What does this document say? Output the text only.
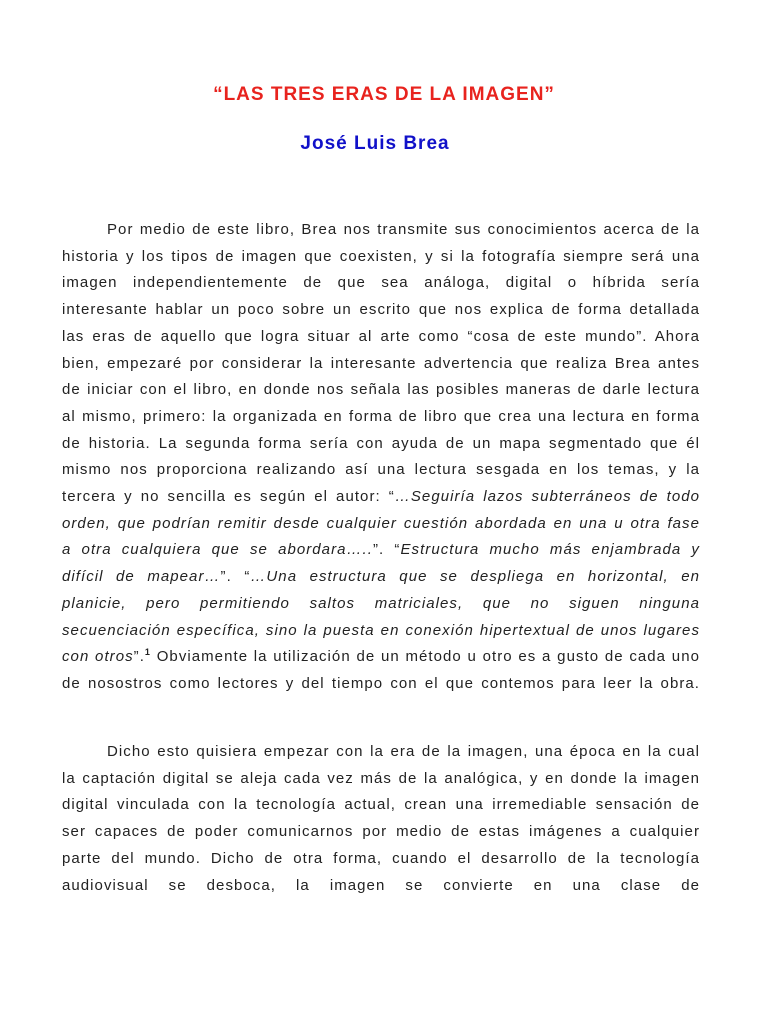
“LAS TRES ERAS DE LA IMAGEN”
José Luis Brea

Por medio de este libro, Brea nos transmite sus conocimientos acerca de la historia y los tipos de imagen que coexisten, y si la fotografía siempre será una imagen independientemente de que sea análoga, digital o híbrida sería interesante hablar un poco sobre un escrito que nos explica de forma detallada las eras de aquello que logra situar al arte como “cosa de este mundo”. Ahora bien, empezaré por considerar la interesante advertencia que realiza Brea antes de iniciar con el libro, en donde nos señala las posibles maneras de darle lectura al mismo, primero: la organizada en forma de libro que crea una lectura en forma de historia. La segunda forma sería con ayuda de un mapa segmentado que él mismo nos proporciona realizando así una lectura sesgada en los temas, y la tercera y no sencilla es según el autor: “…Seguiría lazos subterráneos de todo orden, que podrían remitir desde cualquier cuestión abordada en una u otra fase a otra cualquiera que se abordara…..”. “Estructura mucho más enjambrada y difícil de mapear…”. “…Una estructura que se despliega en horizontal, en planicie, pero permitiendo saltos matriciales, que no siguen ninguna secuenciación específica, sino la puesta en conexión hipertextual de unos lugares con otros”.$^1$ Obviamente la utilización de un método u otro es a gusto de cada uno de nosostros como lectores y del tiempo con el que contemos para leer la obra.

Dicho esto quisiera empezar con la era de la imagen, una época en la cual la captación digital se aleja cada vez más de la analógica, y en donde la imagen digital vinculada con la tecnología actual, crean una irremediable sensación de ser capaces de poder comunicarnos por medio de estas imágenes a cualquier parte del mundo. Dicho de otra forma, cuando el desarrollo de la tecnología audiovisual se desboca, la imagen se convierte en una clase de
